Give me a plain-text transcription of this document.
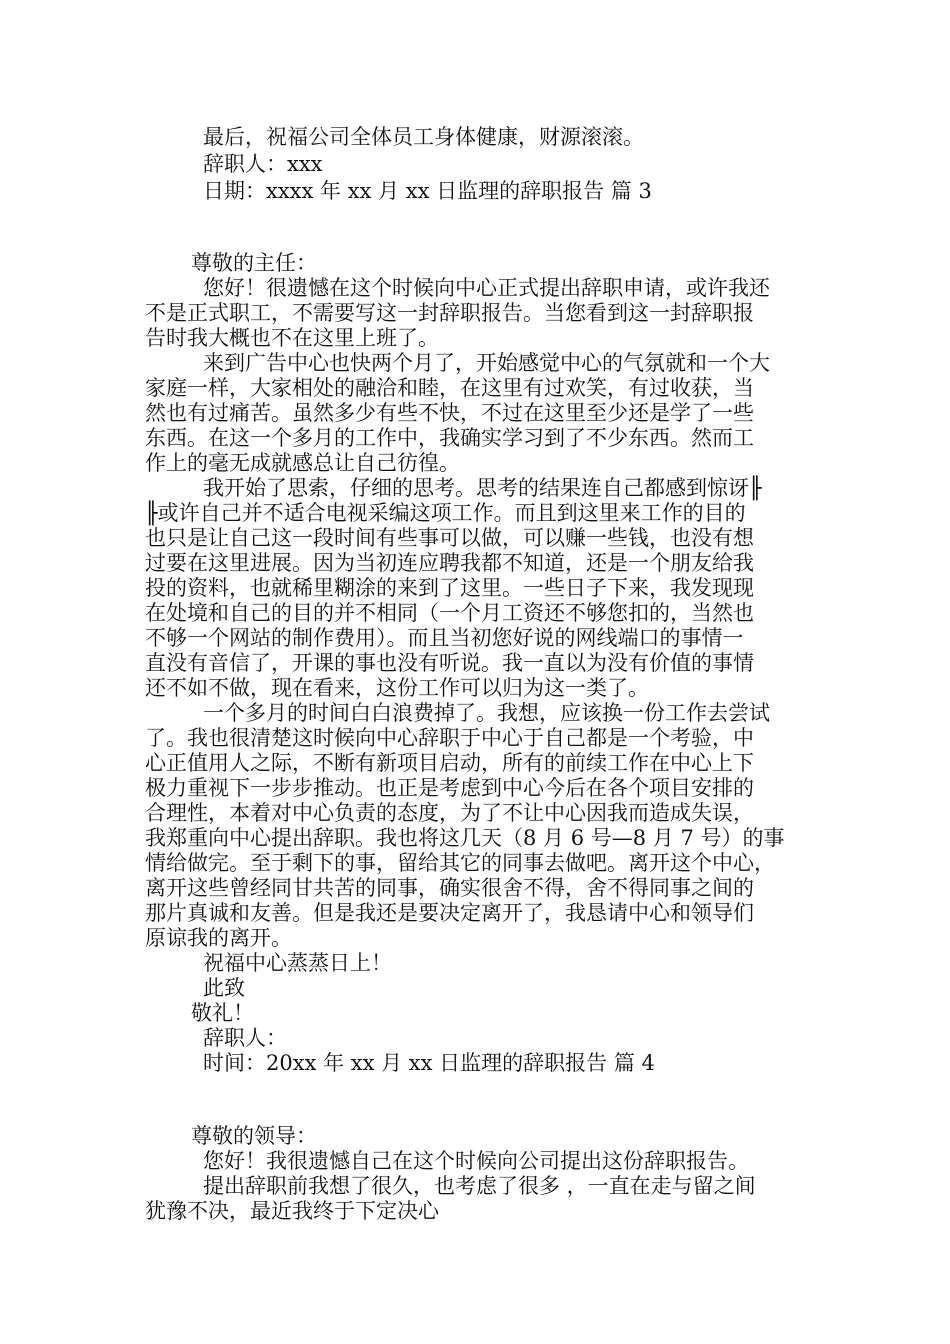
最后，祝福公司全体员工身体健康，财源滚滚。
辞职人：xxx
日期：xxxx 年 xx 月 xx 日监理的辞职报告 篇 3
尊敬的主任：
您好！很遗憾在这个时候向中心正式提出辞职申请，或许我还
不是正式职工，不需要写这一封辞职报告。当您看到这一封辞职报
告时我大概也不在这里上班了。
来到广告中心也快两个月了，开始感觉中心的气氛就和一个大
家庭一样，大家相处的融洽和睦，在这里有过欢笑，有过收获，当
然也有过痛苦。虽然多少有些不快，不过在这里至少还是学了一些
东西。在这一个多月的工作中，我确实学习到了不少东西。然而工
作上的毫无成就感总让自己彷徨。
我开始了思索，仔细的思考。思考的结果连自己都感到惊讶╟
╟或许自己并不适合电视采编这项工作。而且到这里来工作的目的
也只是让自己这一段时间有些事可以做，可以赚一些钱，也没有想
过要在这里进展。因为当初连应聘我都不知道，还是一个朋友给我
投的资料，也就稀里糊涂的来到了这里。一些日子下来，我发现现
在处境和自己的目的并不相同（一个月工资还不够您扣的，当然也
不够一个网站的制作费用）。而且当初您好说的网线端口的事情一
直没有音信了，开课的事也没有听说。我一直以为没有价值的事情
还不如不做，现在看来，这份工作可以归为这一类了。
一个多月的时间白白浪费掉了。我想，应该换一份工作去尝试
了。我也很清楚这时候向中心辞职于中心于自己都是一个考验，中
心正值用人之际，不断有新项目启动，所有的前续工作在中心上下
极力重视下一步步推动。也正是考虑到中心今后在各个项目安排的
合理性，本着对中心负责的态度，为了不让中心因我而造成失误，
我郑重向中心提出辞职。我也将这几天（8 月 6 号—8 月 7 号）的事
情给做完。至于剩下的事，留给其它的同事去做吧。离开这个中心，
离开这些曾经同甘共苦的同事，确实很舍不得，舍不得同事之间的
那片真诚和友善。但是我还是要决定离开了，我恳请中心和领导们
原谅我的离开。
祝福中心蒸蒸日上！
此致
敬礼！
辞职人：
时间：20xx 年 xx 月 xx 日监理的辞职报告 篇 4
尊敬的领导：
您好！我很遗憾自己在这个时候向公司提出这份辞职报告。
提出辞职前我想了很久，也考虑了很多 ，一直在走与留之间
犹豫不决，最近我终于下定决心
